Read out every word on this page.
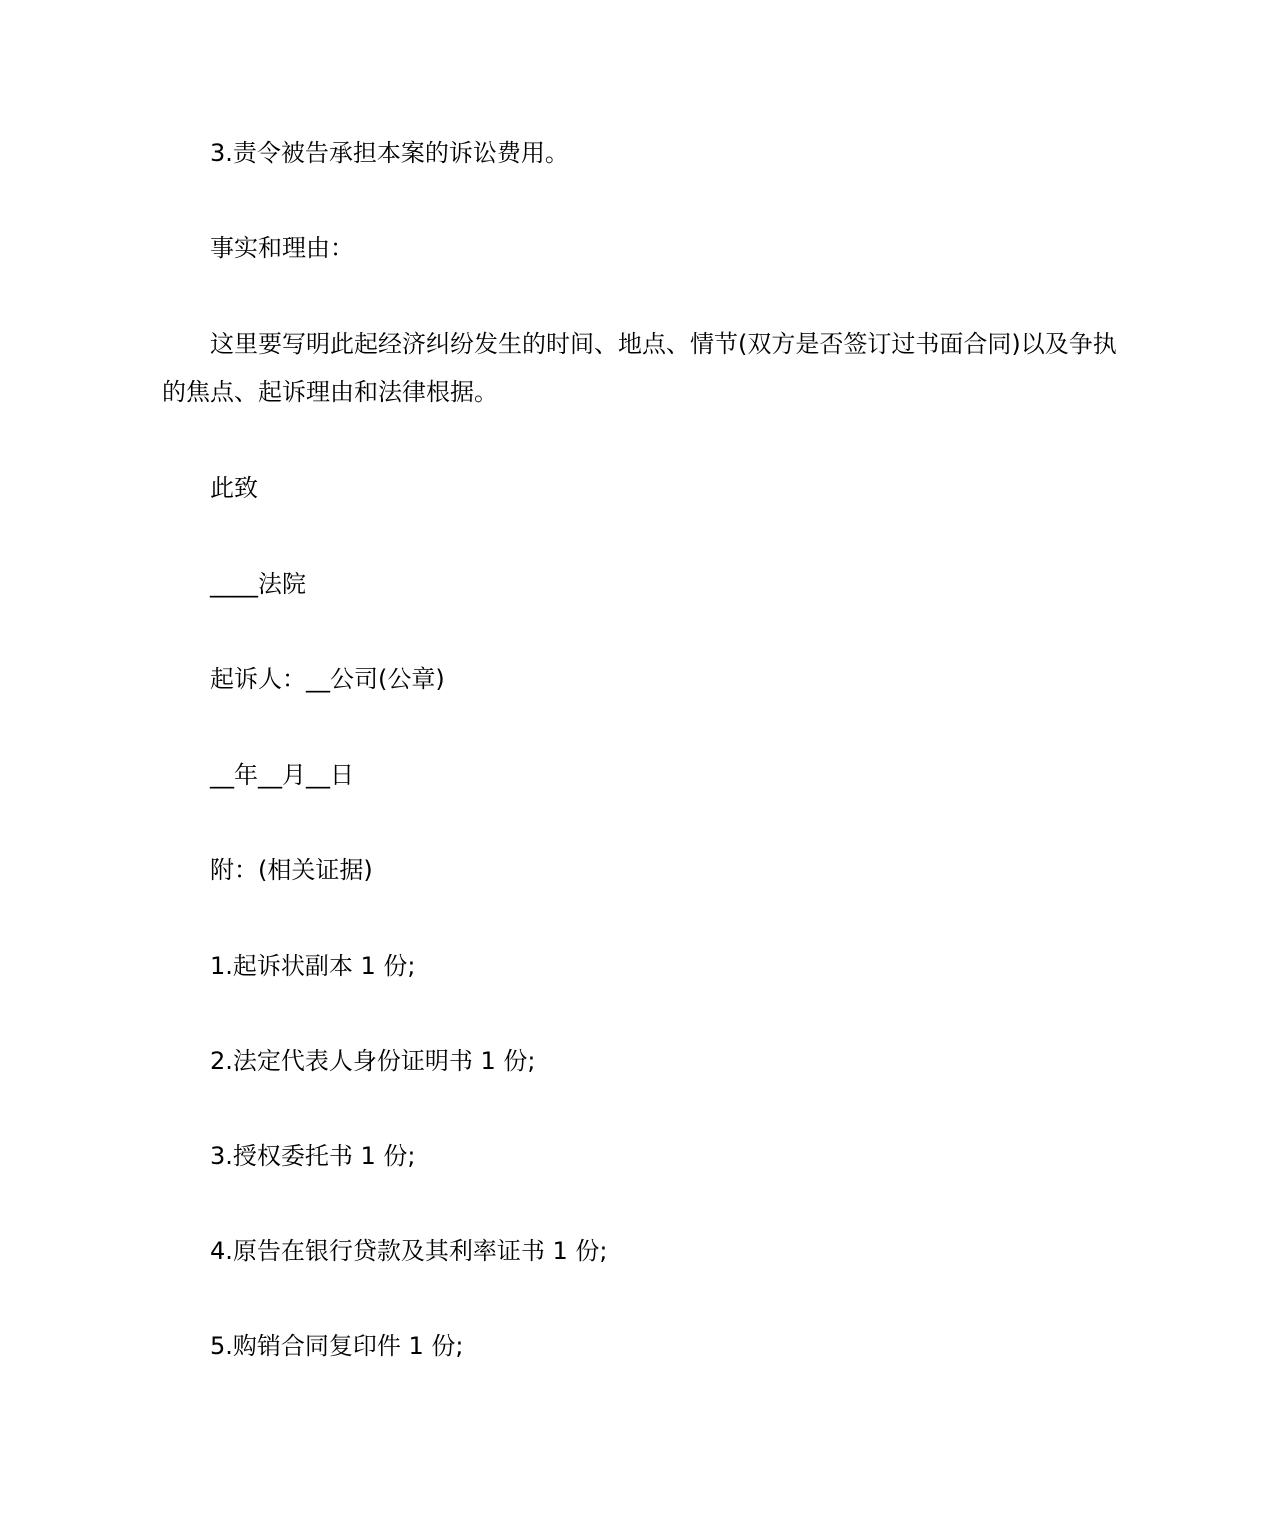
3.责令被告承担本案的诉讼费用。

事实和理由：

这里要写明此起经济纠纷发生的时间、地点、情节(双方是否签订过书面合同)以及争执的焦点、起诉理由和法律根据。

此致

____法院

起诉人：__公司(公章)

__年__月__日

附：(相关证据)

1.起诉状副本 1 份;

2.法定代表人身份证明书 1 份;

3.授权委托书 1 份;

4.原告在银行贷款及其利率证书 1 份;

5.购销合同复印件 1 份;
